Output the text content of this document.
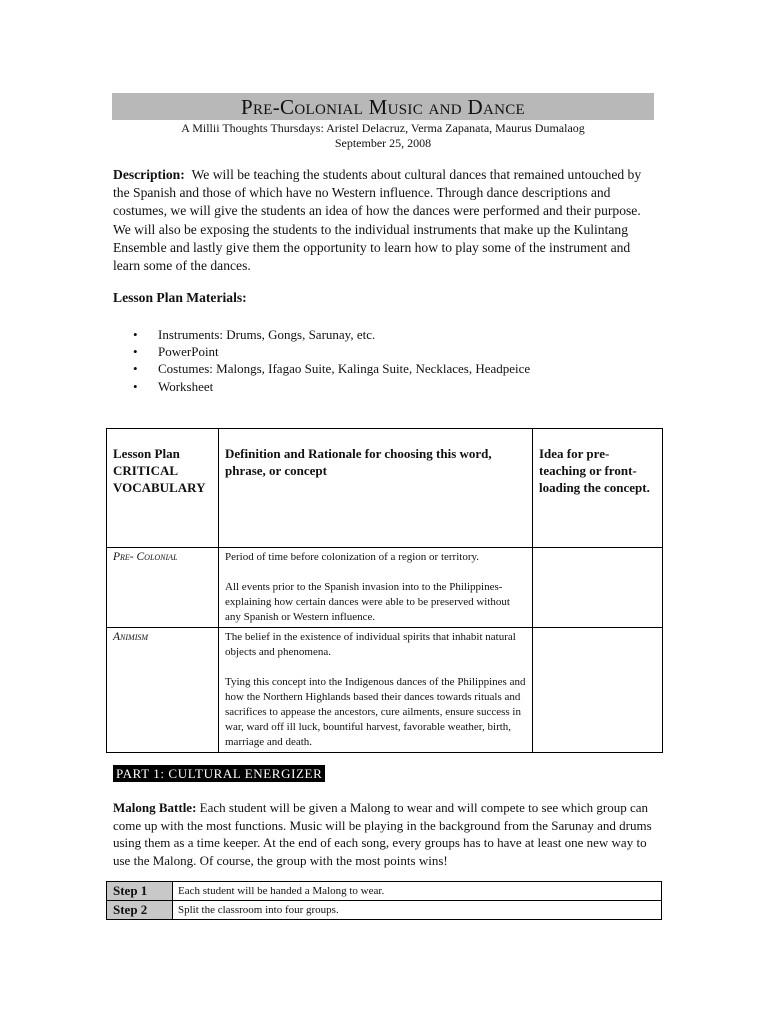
Pre-Colonial Music and Dance
A Millii Thoughts Thursdays: Aristel Delacruz, Verma Zapanata, Maurus Dumalaog
September 25, 2008
Description: We will be teaching the students about cultural dances that remained untouched by the Spanish and those of which have no Western influence. Through dance descriptions and costumes, we will give the students an idea of how the dances were performed and their purpose. We will also be exposing the students to the individual instruments that make up the Kulintang Ensemble and lastly give them the opportunity to learn how to play some of the instrument and learn some of the dances.
Lesson Plan Materials:
• Instruments: Drums, Gongs, Sarunay, etc.
• PowerPoint
• Costumes: Malongs, Ifagao Suite, Kalinga Suite, Necklaces, Headpeice
• Worksheet
Lesson Plan
CRITICAL VOCABULARY	Definition and Rationale for choosing this word, phrase, or concept	Idea for pre-teaching or front-loading the concept.
Pre- Colonial	Period of time before colonization of a region or territory.

All events prior to the Spanish invasion into to the Philippines- explaining how certain dances were able to be preserved without any Spanish or Western influence.	

Animism	The belief in the existence of individual spirits that inhabit natural objects and phenomena.

Tying this concept into the Indigenous dances of the Philippines and how the Northern Highlands based their dances towards rituals and sacrifices to appease the ancestors, cure ailments, ensure success in war, ward off ill luck, bountiful harvest, favorable weather, birth, marriage and death.	

PART 1: CULTURAL ENERGIZER
Malong Battle: Each student will be given a Malong to wear and will compete to see which group can come up with the most functions. Music will be playing in the background from the Sarunay and drums using them as a time keeper. At the end of each song, every groups has to have at least one new way to use the Malong. Of course, the group with the most points wins!
Step 1	Each student will be handed a Malong to wear.
Step 2	Split the classroom into four groups.
